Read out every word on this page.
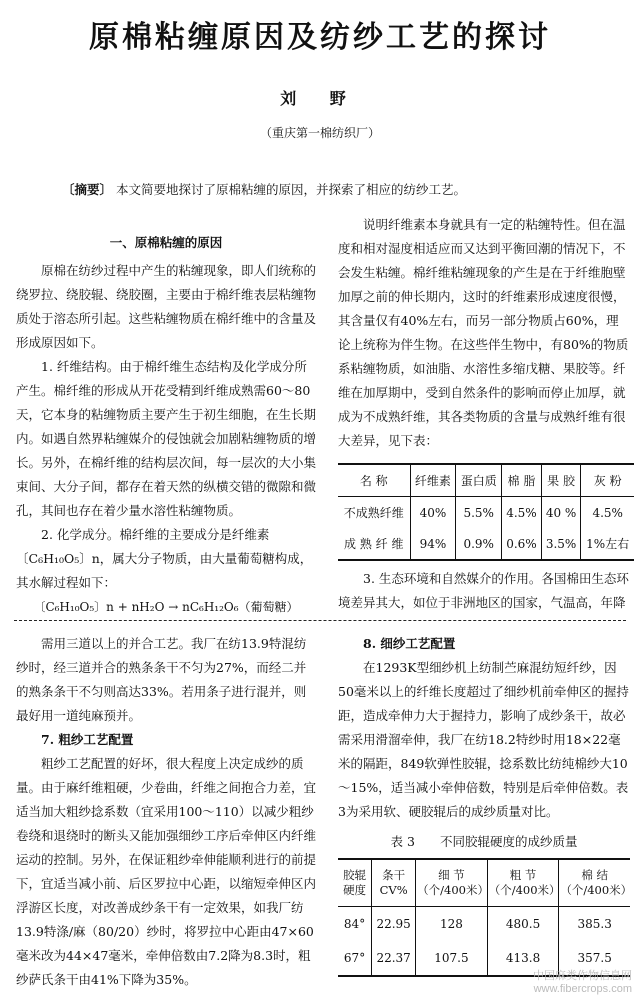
原棉粘缠原因及纺纱工艺的探讨
刘 野
（重庆第一棉纺织厂）
〔摘要〕 本文简要地探讨了原棉粘缠的原因，并探索了相应的纺纱工艺。

一、原棉粘缠的原因

原棉在纺纱过程中产生的粘缠现象，即人们统称的绕罗拉、绕胶辊、绕胶圈，主要由于棉纤维表层粘缠物质处于溶态所引起。这些粘缠物质在棉纤维中的含量及形成原因如下。

1. 纤维结构。由于棉纤维生态结构及化学成分所产生。棉纤维的形成从开花受精到纤维成熟需60～80天，它本身的粘缠物质主要产生于初生细胞，在生长期内。如遇自然界粘缠媒介的侵蚀就会加剧粘缠物质的增长。另外，在棉纤维的结构层次间，每一层次的大小集束间、大分子间，都存在着天然的纵横交错的微隙和微孔，其间也存在着少量水溶性粘缠物质。

2. 化学成分。棉纤维的主要成分是纤维素〔C₆H₁₀O₅〕n，属大分子物质，由大量葡萄糖构成，其水解过程如下：

〔C₆H₁₀O₅〕n + nH₂O → nC₆H₁₂O₆（葡萄糖）

说明纤维素本身就具有一定的粘缠特性。但在温度和相对湿度相适应而又达到平衡回潮的情况下，不会发生粘缠。棉纤维粘缠现象的产生是在于纤维胞壁加厚之前的伸长期内，这时的纤维素形成速度很慢，其含量仅有40%左右，而另一部分物质占60%，理论上统称为伴生物。在这些伴生物中，有80%的物质系粘缠物质，如油脂、水溶性多缩戊糖、果胶等。纤维在加厚期中，受到自然条件的影响而停止加厚，就成为不成熟纤维，其各类物质的含量与成熟纤维有很大差异，见下表：

名 称	纤维素	蛋白质	棉 脂	果 胶	灰 粉
不成熟纤维	40%	5.5%	4.5%	40 %	4.5%
成 熟 纤 维	94%	0.9%	0.6%	3.5%	1%左右

3. 生态环境和自然媒介的作用。各国棉田生态环境差异其大，如位于非洲地区的国家，气温高，年降

需用三道以上的并合工艺。我厂在纺13.9特混纺纱时，经三道并合的熟条条干不匀为27%，而经二并的熟条条干不匀则高达33%。若用条子进行混并，则最好用一道纯麻预并。

7. 粗纱工艺配置

粗纱工艺配置的好坏，很大程度上决定成纱的质量。由于麻纤维粗硬，少卷曲，纤维之间抱合力差，宜适当加大粗纱捻系数（宜采用100～110）以减少粗纱卷绕和退绕时的断头又能加强细纱工序后牵伸区内纤维运动的控制。另外，在保证粗纱牵伸能顺利进行的前提下，宜适当减小前、后区罗拉中心距，以缩短牵伸区内浮游区长度，对改善成纱条干有一定效果，如我厂纺13.9特涤/麻（80/20）纱时，将罗拉中心距由47×60毫米改为44×47毫米，牵伸倍数由7.2降为8.3时，粗纱萨氏条干由41%下降为35%。

8. 细纱工艺配置

在1293K型细纱机上纺制苎麻混纺短纤纱，因50毫米以上的纤维长度超过了细纱机前牵伸区的握持距，造成牵伸力大于握持力，影响了成纱条干，故必需采用滑溜牵伸，我厂在纺18.2特纱时用18×22毫米的隔距，849软弹性胶辊，捻系数比纺纯棉纱大10～15%，适当减小牵伸倍数，特别是后牵伸倍数。表3为采用软、硬胶辊后的成纱质量对比。

表 3　　不同胶辊硬度的成纱质量

胶辊硬度	条干CV%	细 节（个/400米）	粗 节（个/400米）	棉 结（个/400米）
84°	22.95	128	480.5	385.3
67°	22.37	107.5	413.8	357.5
中国麻类作物信息网
www.fibercrops.com
